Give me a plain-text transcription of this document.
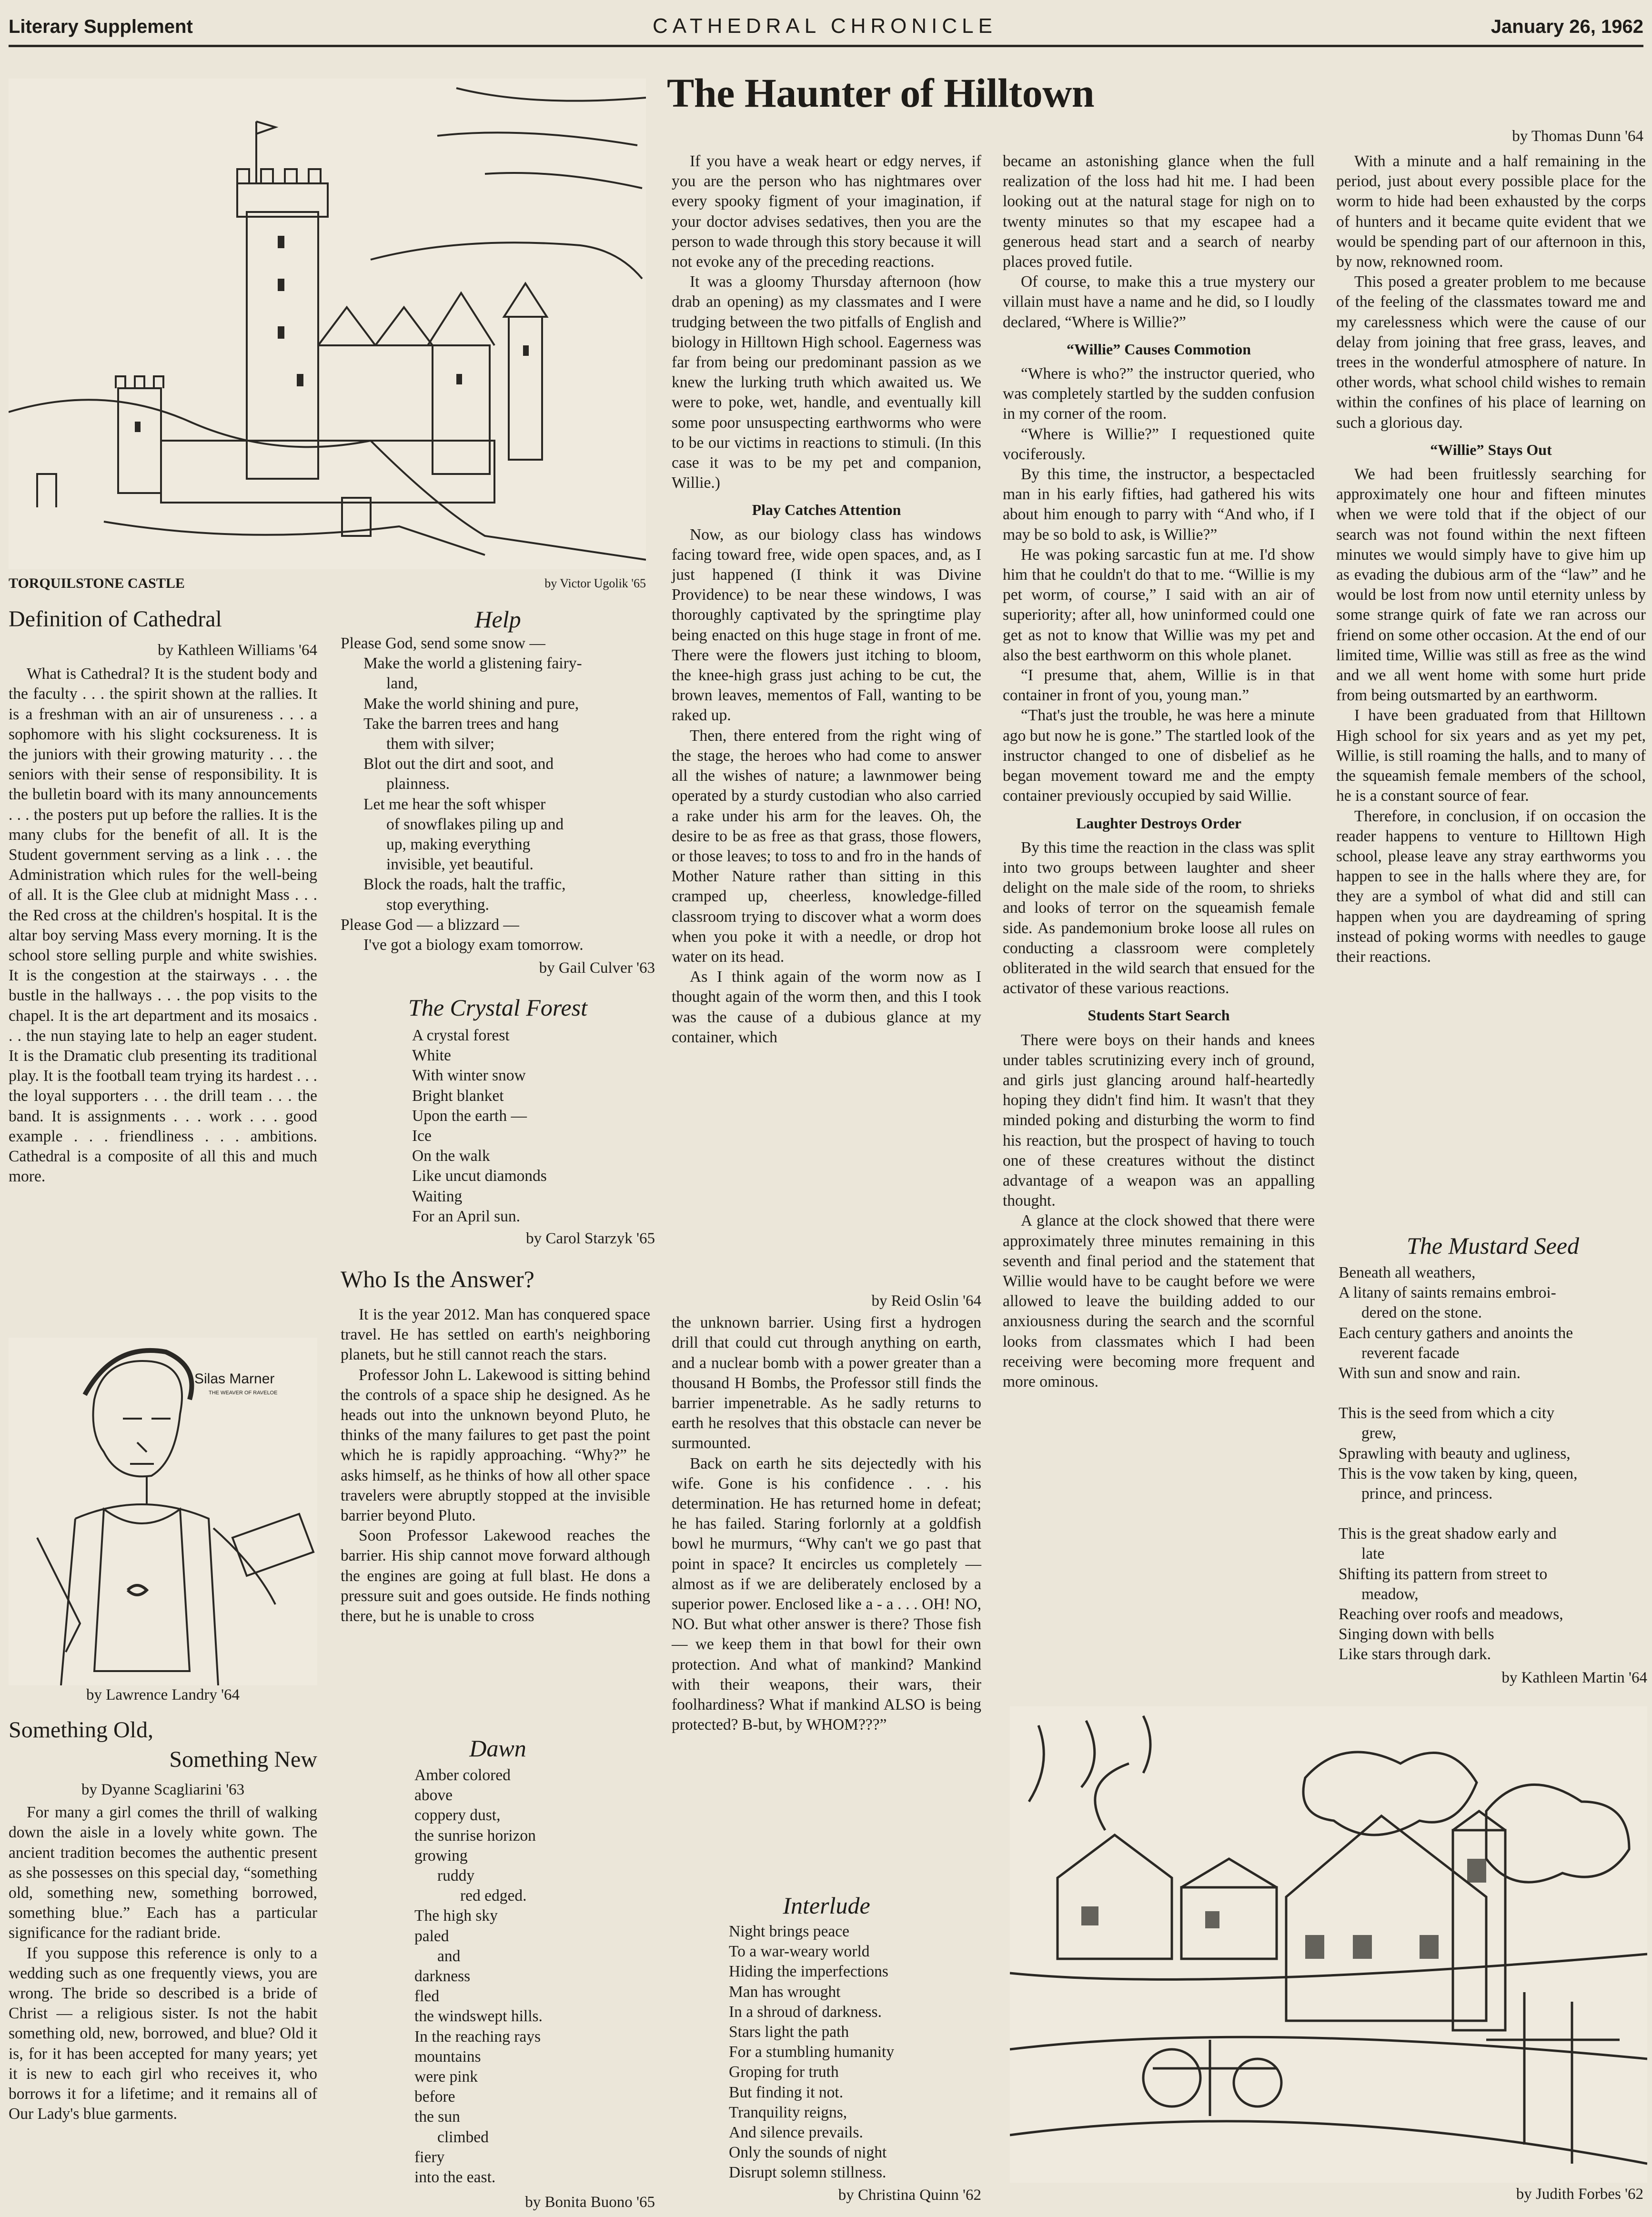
Literary Supplement	CATHEDRAL CHRONICLE	January 26, 1962
TORQUILSTONE CASTLE	by Victor Ugolik '65
Definition of Cathedral
by Kathleen Williams '64

What is Cathedral? It is the student body and the faculty . . . the spirit shown at the rallies. It is a freshman with an air of unsureness . . . a sophomore with his slight cocksureness. It is the juniors with their growing maturity . . . the seniors with their sense of responsibility. It is the bulletin board with its many announcements . . . the posters put up before the rallies. It is the many clubs for the benefit of all. It is the Student government serving as a link . . . the Administration which rules for the well-being of all. It is the Glee club at midnight Mass . . . the Red cross at the children's hospital. It is the altar boy serving Mass every morning. It is the school store selling purple and white swishies. It is the congestion at the stairways . . . the bustle in the hallways . . . the pop visits to the chapel. It is the art department and its mosaics . . . the nun staying late to help an eager student. It is the Dramatic club presenting its traditional play. It is the football team trying its hardest . . . the loyal supporters . . . the drill team . . . the band. It is assignments . . . work . . . good example . . . friendliness . . . ambitions. Cathedral is a composite of all this and much more.

Silas Marner
THE WEAVER OF RAVELOE
by Lawrence Landry '64
Something Old,
Something New
by Dyanne Scagliarini '63

For many a girl comes the thrill of walking down the aisle in a lovely white gown. The ancient tradition becomes the authentic present as she possesses on this special day, “something old, something new, something borrowed, something blue.” Each has a particular significance for the radiant bride.

If you suppose this reference is only to a wedding such as one frequently views, you are wrong. The bride so described is a bride of Christ — a religious sister. Is not the habit something old, new, borrowed, and blue? Old it is, for it has been accepted for many years; yet it is new to each girl who receives it, who borrows it for a lifetime; and it remains all of Our Lady's blue garments.

Help
Please God, send some snow —
Make the world a glistening fairy-
land,
Make the world shining and pure,
Take the barren trees and hang
them with silver;
Blot out the dirt and soot, and
plainness.
Let me hear the soft whisper
of snowflakes piling up and
up, making everything
invisible, yet beautiful.
Block the roads, halt the traffic,
stop everything.
Please God — a blizzard —
I've got a biology exam tomorrow.
by Gail Culver '63
The Crystal Forest
A crystal forest
White
With winter snow
Bright blanket
Upon the earth —
Ice
On the walk
Like uncut diamonds
Waiting
For an April sun.
by Carol Starzyk '65
Who Is the Answer?

It is the year 2012. Man has conquered space travel. He has settled on earth's neighboring planets, but he still cannot reach the stars.

Professor John L. Lakewood is sitting behind the controls of a space ship he designed. As he heads out into the unknown beyond Pluto, he thinks of the many failures to get past the point which he is rapidly approaching. “Why?” he asks himself, as he thinks of how all other space travelers were abruptly stopped at the invisible barrier beyond Pluto.

Soon Professor Lakewood reaches the barrier. His ship cannot move forward although the engines are going at full blast. He dons a pressure suit and goes outside. He finds nothing there, but he is unable to cross

Dawn
Amber colored
above
coppery dust,
the sunrise horizon
growing
ruddy
red edged.
The high sky
paled
and
darkness
fled
the windswept hills.
In the reaching rays
mountains
were pink
before
the sun
climbed
fiery
into the east.
by Bonita Buono '65
The Haunter of Hilltown
by Thomas Dunn '64

If you have a weak heart or edgy nerves, if you are the person who has nightmares over every spooky figment of your imagination, if your doctor advises sedatives, then you are the person to wade through this story because it will not evoke any of the preceding reactions.

It was a gloomy Thursday afternoon (how drab an opening) as my classmates and I were trudging between the two pitfalls of English and biology in Hilltown High school. Eagerness was far from being our predominant passion as we knew the lurking truth which awaited us. We were to poke, wet, handle, and eventually kill some poor unsuspecting earthworms who were to be our victims in reactions to stimuli. (In this case it was to be my pet and companion, Willie.)

Play Catches Attention

Now, as our biology class has windows facing toward free, wide open spaces, and, as I just happened (I think it was Divine Providence) to be near these windows, I was thoroughly captivated by the springtime play being enacted on this huge stage in front of me. There were the flowers just itching to bloom, the knee-high grass just aching to be cut, the brown leaves, mementos of Fall, wanting to be raked up.

Then, there entered from the right wing of the stage, the heroes who had come to answer all the wishes of nature; a lawnmower being operated by a sturdy custodian who also carried a rake under his arm for the leaves. Oh, the desire to be as free as that grass, those flowers, or those leaves; to toss to and fro in the hands of Mother Nature rather than sitting in this cramped up, cheerless, knowledge-filled classroom trying to discover what a worm does when you poke it with a needle, or drop hot water on its head.

As I think again of the worm now as I thought again of the worm then, and this I took was the cause of a dubious glance at my container, which

by Reid Oslin '64

the unknown barrier. Using first a hydrogen drill that could cut through anything on earth, and a nuclear bomb with a power greater than a thousand H Bombs, the Professor still finds the barrier impenetrable. As he sadly returns to earth he resolves that this obstacle can never be surmounted.

Back on earth he sits dejectedly with his wife. Gone is his confidence . . . his determination. He has returned home in defeat; he has failed. Staring forlornly at a goldfish bowl he murmurs, “Why can't we go past that point in space? It encircles us completely — almost as if we are deliberately enclosed by a superior power. Enclosed like a - a . . . OH! NO, NO. But what other answer is there? Those fish — we keep them in that bowl for their own protection. And what of mankind? Mankind with their weapons, their wars, their foolhardiness? What if mankind ALSO is being protected? B-but, by WHOM???”

Interlude
Night brings peace
To a war-weary world
Hiding the imperfections
Man has wrought
In a shroud of darkness.
Stars light the path
For a stumbling humanity
Groping for truth
But finding it not.
Tranquility reigns,
And silence prevails.
Only the sounds of night
Disrupt solemn stillness.
by Christina Quinn '62

became an astonishing glance when the full realization of the loss had hit me. I had been looking out at the natural stage for nigh on to twenty minutes so that my escapee had a generous head start and a search of nearby places proved futile.

Of course, to make this a true mystery our villain must have a name and he did, so I loudly declared, “Where is Willie?”

“Willie” Causes Commotion

“Where is who?” the instructor queried, who was completely startled by the sudden confusion in my corner of the room.

“Where is Willie?” I requestioned quite vociferously.

By this time, the instructor, a bespectacled man in his early fifties, had gathered his wits about him enough to parry with “And who, if I may be so bold to ask, is Willie?”

He was poking sarcastic fun at me. I'd show him that he couldn't do that to me. “Willie is my pet worm, of course,” I said with an air of superiority; after all, how uninformed could one get as not to know that Willie was my pet and also the best earthworm on this whole planet.

“I presume that, ahem, Willie is in that container in front of you, young man.”

“That's just the trouble, he was here a minute ago but now he is gone.” The startled look of the instructor changed to one of disbelief as he began movement toward me and the empty container previously occupied by said Willie.

Laughter Destroys Order

By this time the reaction in the class was split into two groups between laughter and sheer delight on the male side of the room, to shrieks and looks of terror on the squeamish female side. As pandemonium broke loose all rules on conducting a classroom were completely obliterated in the wild search that ensued for the activator of these various reactions.

Students Start Search

There were boys on their hands and knees under tables scrutinizing every inch of ground, and girls just glancing around half-heartedly hoping they didn't find him. It wasn't that they minded poking and disturbing the worm to find his reaction, but the prospect of having to touch one of these creatures without the distinct advantage of a weapon was an appalling thought.

A glance at the clock showed that there were approximately three minutes remaining in this seventh and final period and the statement that Willie would have to be caught before we were allowed to leave the building added to our anxiousness during the search and the scornful looks from classmates which I had been receiving were becoming more frequent and more ominous.

With a minute and a half remaining in the period, just about every possible place for the worm to hide had been exhausted by the corps of hunters and it became quite evident that we would be spending part of our afternoon in this, by now, reknowned room.

This posed a greater problem to me because of the feeling of the classmates toward me and my carelessness which were the cause of our delay from joining that free grass, leaves, and trees in the wonderful atmosphere of nature. In other words, what school child wishes to remain within the confines of his place of learning on such a glorious day.

“Willie” Stays Out

We had been fruitlessly searching for approximately one hour and fifteen minutes when we were told that if the object of our search was not found within the next fifteen minutes we would simply have to give him up as evading the dubious arm of the “law” and he would be lost from now until eternity unless by some strange quirk of fate we ran across our friend on some other occasion. At the end of our limited time, Willie was still as free as the wind and we all went home with some hurt pride from being outsmarted by an earthworm.

I have been graduated from that Hilltown High school for six years and as yet my pet, Willie, is still roaming the halls, and to many of the squeamish female members of the school, he is a constant source of fear.

Therefore, in conclusion, if on occasion the reader happens to venture to Hilltown High school, please leave any stray earthworms you happen to see in the halls where they are, for they are a symbol of what did and still can happen when you are daydreaming of spring instead of poking worms with needles to gauge their reactions.

The Mustard Seed
Beneath all weathers,
A litany of saints remains embroi-
dered on the stone.
Each century gathers and anoints the
reverent facade
With sun and snow and rain.
This is the seed from which a city
grew,
Sprawling with beauty and ugliness,
This is the vow taken by king, queen,
prince, and princess.
This is the great shadow early and
late
Shifting its pattern from street to
meadow,
Reaching over roofs and meadows,
Singing down with bells
Like stars through dark.
by Kathleen Martin '64
by Judith Forbes '62
